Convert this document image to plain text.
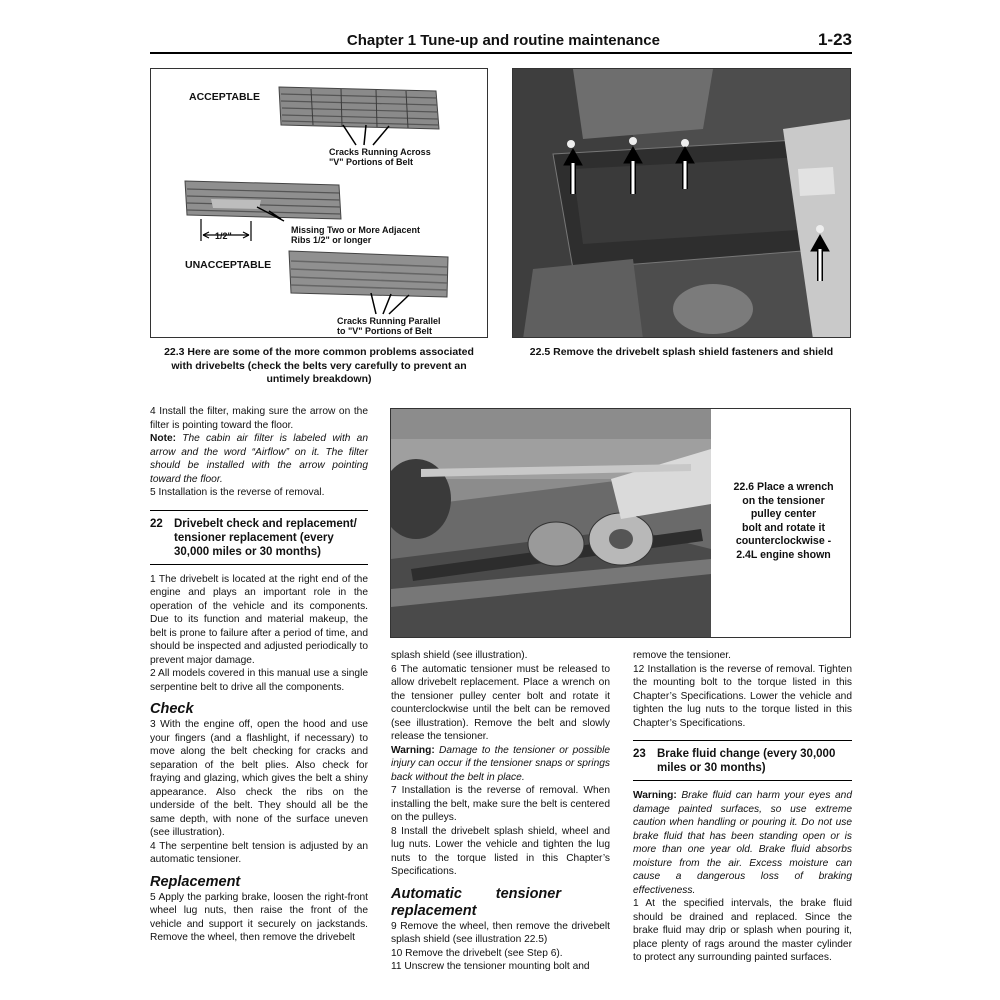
Chapter 1 Tune-up and routine maintenance	1-23
ACCEPTABLE
Cracks Running Across
"V" Portions of Belt
Missing Two or More Adjacent
Ribs 1/2" or longer
1/2"
UNACCEPTABLE
Cracks Running Parallel
to "V" Portions of Belt
22.3 Here are some of the more common problems associated
with drivebelts (check the belts very carefully to prevent an
untimely breakdown)
22.5 Remove the drivebelt splash shield fasteners and shield
22.6 Place a wrench
on the tensioner
pulley center
bolt and rotate it
counterclockwise -
2.4L engine shown

4 Install the filter, making sure the arrow on the filter is pointing toward the floor.

Note: The cabin air filter is labeled with an arrow and the word “Airflow” on it. The filter should be installed with the arrow pointing toward the floor.

5 Installation is the reverse of removal.

22 Drivebelt check and replacement/ tensioner replacement (every 30,000 miles or 30 months)

1 The drivebelt is located at the right end of the engine and plays an important role in the operation of the vehicle and its components. Due to its function and material makeup, the belt is prone to failure after a period of time, and should be inspected and adjusted periodically to prevent major damage.

2 All models covered in this manual use a single serpentine belt to drive all the components.

Check

3 With the engine off, open the hood and use your fingers (and a flashlight, if necessary) to move along the belt checking for cracks and separation of the belt plies. Also check for fraying and glazing, which gives the belt a shiny appearance. Also check the ribs on the underside of the belt. They should all be the same depth, with none of the surface uneven (see illustration).

4 The serpentine belt tension is adjusted by an automatic tensioner.

Replacement

5 Apply the parking brake, loosen the right-front wheel lug nuts, then raise the front of the vehicle and support it securely on jackstands. Remove the wheel, then remove the drivebelt

splash shield (see illustration).

6 The automatic tensioner must be released to allow drivebelt replacement. Place a wrench on the tensioner pulley center bolt and rotate it counterclockwise until the belt can be removed (see illustration). Remove the belt and slowly release the tensioner.

Warning: Damage to the tensioner or possible injury can occur if the tensioner snaps or springs back without the belt in place.

7 Installation is the reverse of removal. When installing the belt, make sure the belt is centered on the pulleys.

8 Install the drivebelt splash shield, wheel and lug nuts. Lower the vehicle and tighten the lug nuts to the torque listed in this Chapter’s Specifications.

Automatic tensioner replacement

9 Remove the wheel, then remove the drivebelt splash shield (see illustration 22.5)

10 Remove the drivebelt (see Step 6).

11 Unscrew the tensioner mounting bolt and

remove the tensioner.

12 Installation is the reverse of removal. Tighten the mounting bolt to the torque listed in this Chapter’s Specifications. Lower the vehicle and tighten the lug nuts to the torque listed in this Chapter’s Specifications.

23 Brake fluid change (every 30,000 miles or 30 months)

Warning: Brake fluid can harm your eyes and damage painted surfaces, so use extreme caution when handling or pouring it. Do not use brake fluid that has been standing open or is more than one year old. Brake fluid absorbs moisture from the air. Excess moisture can cause a dangerous loss of braking effectiveness.

1 At the specified intervals, the brake fluid should be drained and replaced. Since the brake fluid may drip or splash when pouring it, place plenty of rags around the master cylinder to protect any surrounding painted surfaces.
